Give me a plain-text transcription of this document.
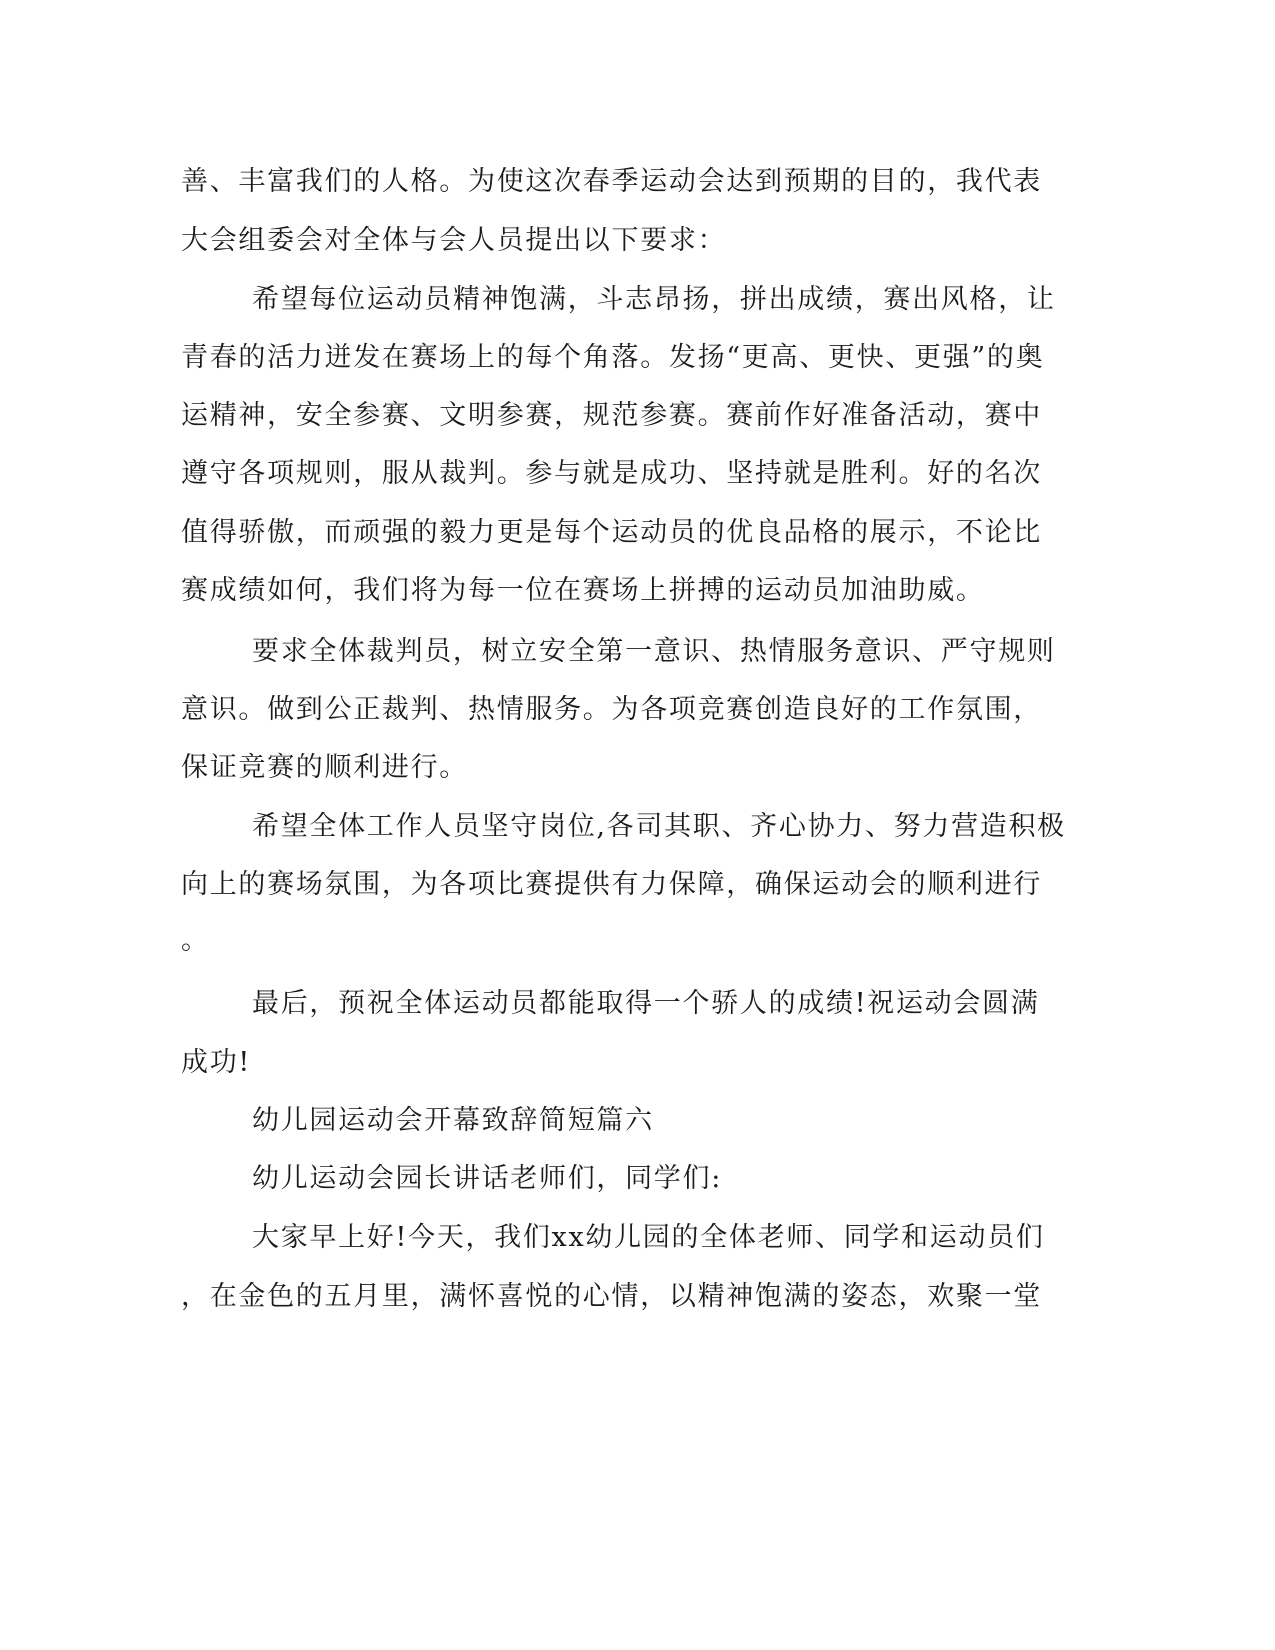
善、丰富我们的人格。为使这次春季运动会达到预期的目的，我代表
大会组委会对全体与会人员提出以下要求：
希望每位运动员精神饱满，斗志昂扬，拼出成绩，赛出风格，让
青春的活力迸发在赛场上的每个角落。发扬“更高、更快、更强”的奥
运精神，安全参赛、文明参赛，规范参赛。赛前作好准备活动，赛中
遵守各项规则，服从裁判。参与就是成功、坚持就是胜利。好的名次
值得骄傲，而顽强的毅力更是每个运动员的优良品格的展示，不论比
赛成绩如何，我们将为每一位在赛场上拼搏的运动员加油助威。
要求全体裁判员，树立安全第一意识、热情服务意识、严守规则
意识。做到公正裁判、热情服务。为各项竞赛创造良好的工作氛围，
保证竞赛的顺利进行。
希望全体工作人员坚守岗位,各司其职、齐心协力、努力营造积极
向上的赛场氛围，为各项比赛提供有力保障，确保运动会的顺利进行
。
最后，预祝全体运动员都能取得一个骄人的成绩!祝运动会圆满
成功!
幼儿园运动会开幕致辞简短篇六
幼儿运动会园长讲话老师们，同学们:
大家早上好!今天，我们xx幼儿园的全体老师、同学和运动员们
，在金色的五月里，满怀喜悦的心情，以精神饱满的姿态，欢聚一堂
